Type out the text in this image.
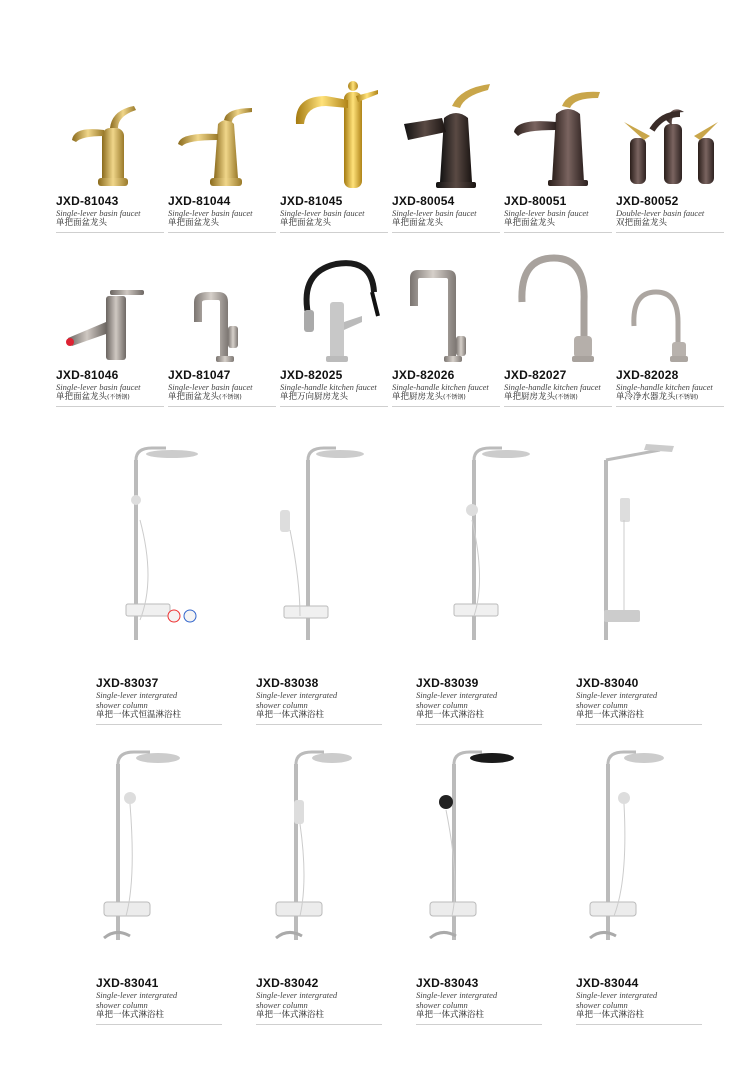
JXD-81043
Single-lever basin faucet
单把面盆龙头
JXD-81044
Single-lever basin faucet
单把面盆龙头
JXD-81045
Single-lever basin faucet
单把面盆龙头
JXD-80054
Single-lever basin faucet
单把面盆龙头
JXD-80051
Single-lever basin faucet
单把面盆龙头
JXD-80052
Double-lever basin faucet
双把面盆龙头
JXD-81046
Single-lever basin faucet
单把面盆龙头(不锈钢)
JXD-81047
Single-lever basin faucet
单把面盆龙头(不锈钢)
JXD-82025
Single-handle kitchen faucet
单把万向厨房龙头
JXD-82026
Single-handle kitchen faucet
单把厨房龙头(不锈钢)
JXD-82027
Single-handle kitchen faucet
单把厨房龙头(不锈钢)
JXD-82028
Single-handle kitchen faucet
单冷净水器龙头(不锈钢)
JXD-83037
Single-lever intergrated
shower column
单把一体式恒温淋浴柱
JXD-83038
Single-lever intergrated
shower column
单把一体式淋浴柱
JXD-83039
Single-lever intergrated
shower column
单把一体式淋浴柱
JXD-83040
Single-lever intergrated
shower column
单把一体式淋浴柱
JXD-83041
Single-lever intergrated
shower column
单把一体式淋浴柱
JXD-83042
Single-lever intergrated
shower column
单把一体式淋浴柱
JXD-83043
Single-lever intergrated
shower column
单把一体式淋浴柱
JXD-83044
Single-lever intergrated
shower column
单把一体式淋浴柱
